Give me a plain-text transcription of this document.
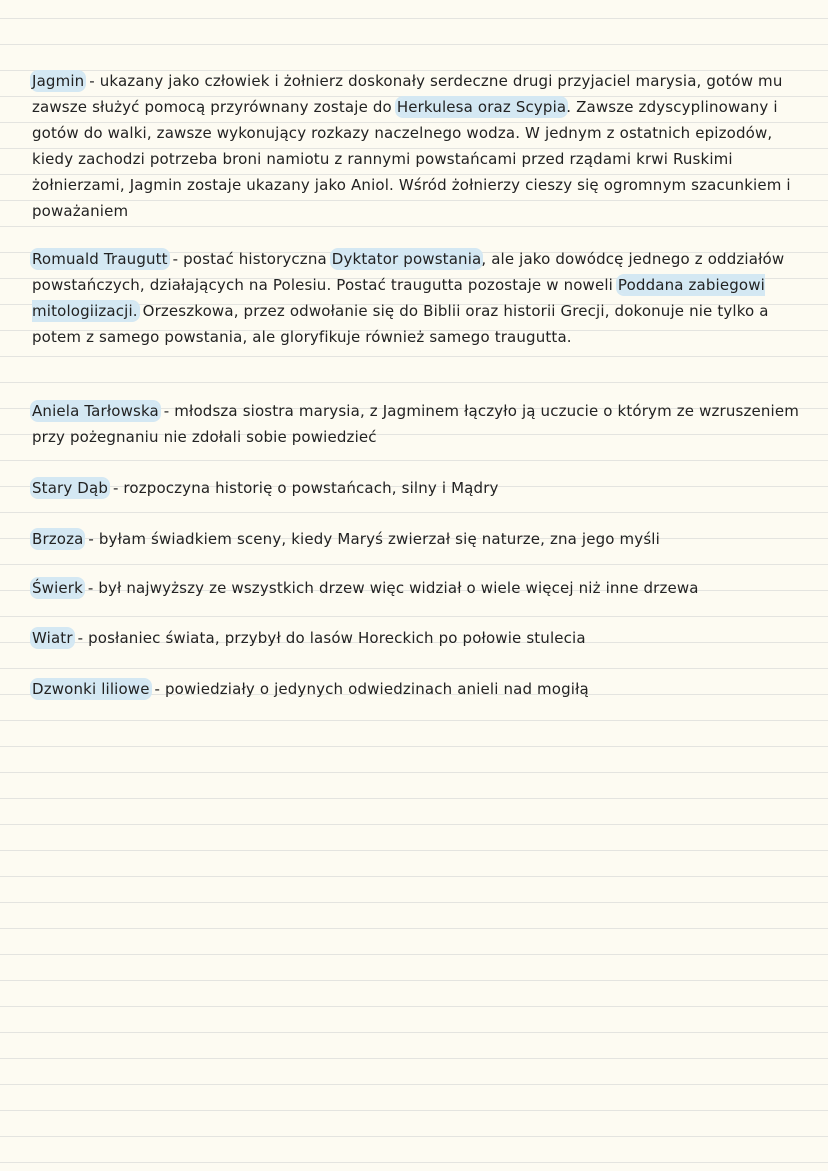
Jagmin - ukazany jako człowiek i żołnierz doskonały serdeczne drugi przyjaciel marysia, gotów mu zawsze służyć pomocą przyrównany zostaje do Herkulesa oraz Scypia. Zawsze zdyscyplinowany i gotów do walki, zawsze wykonujący rozkazy naczelnego wodza. W jednym z ostatnich epizodów, kiedy zachodzi potrzeba broni namiotu z rannymi powstańcami przed rządami krwi Ruskimi żołnierzami, Jagmin zostaje ukazany jako Aniol. Wśród żołnierzy cieszy się ogromnym szacunkiem i poważaniem
Romuald Traugutt - postać historyczna Dyktator powstania, ale jako dowódcę jednego z oddziałów powstańczych, działających na Polesiu. Postać traugutta pozostaje w noweli Poddana zabiegowi mitologiizacji. Orzeszkowa, przez odwołanie się do Biblii oraz historii Grecji, dokonuje nie tylko a potem z samego powstania, ale gloryfikuje również samego traugutta.
Aniela Tarłowska - młodsza siostra marysia, z Jagminem łączyło ją uczucie o którym ze wzruszeniem przy pożegnaniu nie zdołali sobie powiedzieć
Stary Dąb - rozpoczyna historię o powstańcach, silny i Mądry
Brzoza - byłam świadkiem sceny, kiedy Maryś zwierzał się naturze, zna jego myśli
Świerk - był najwyższy ze wszystkich drzew więc widział o wiele więcej niż inne drzewa
Wiatr - posłaniec świata, przybył do lasów Horeckich po połowie stulecia
Dzwonki liliowe - powiedziały o jedynych odwiedzinach anieli nad mogiłą
